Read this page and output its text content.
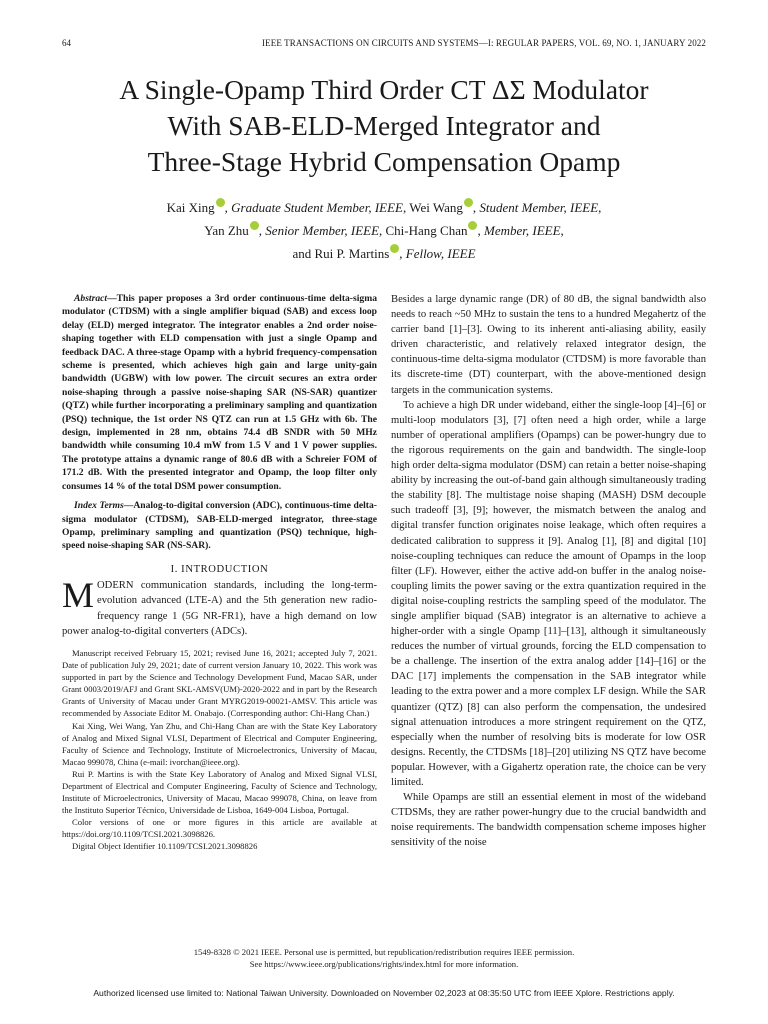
64	IEEE TRANSACTIONS ON CIRCUITS AND SYSTEMS—I: REGULAR PAPERS, VOL. 69, NO. 1, JANUARY 2022
A Single-Opamp Third Order CT ΔΣ Modulator
With SAB-ELD-Merged Integrator and
Three-Stage Hybrid Compensation Opamp
Kai Xing , Graduate Student Member, IEEE, Wei Wang , Student Member, IEEE,
Yan Zhu , Senior Member, IEEE, Chi-Hang Chan , Member, IEEE,
and Rui P. Martins , Fellow, IEEE

Abstract—This paper proposes a 3rd order continuous-time delta-sigma modulator (CTDSM) with a single amplifier biquad (SAB) and excess loop delay (ELD) merged integrator. The integrator enables a 2nd order noise-shaping together with ELD compensation with just a single Opamp and feedback DAC. A three-stage Opamp with a hybrid frequency-compensation scheme is presented, which achieves high gain and large unity-gain bandwidth (UGBW) with low power. The circuit secures an extra order noise-shaping through a passive noise-shaping SAR (NS-SAR) quantizer (QTZ) while further incorporating a preliminary sampling and quantization (PSQ) technique, the 1st order NS QTZ can run at 1.5 GHz with 6b. The design, implemented in 28 nm, obtains 74.4 dB SNDR with 50 MHz bandwidth while consuming 10.4 mW from 1.5 V and 1 V power supplies. The prototype attains a dynamic range of 80.6 dB with a Schreier FOM of 171.2 dB. With the presented integrator and Opamp, the loop filter only consumes 14 % of the total DSM power consumption.

Index Terms—Analog-to-digital conversion (ADC), continuous-time delta-sigma modulator (CTDSM), SAB-ELD-merged integrator, three-stage Opamp, preliminary sampling and quantization (PSQ) technique, high-speed noise-shaping SAR (NS-SAR).

I. INTRODUCTION

MODERN communication standards, including the long-term-evolution advanced (LTE-A) and the 5th generation new radio-frequency range 1 (5G NR-FR1), have a high demand on low power analog-to-digital converters (ADCs).

Manuscript received February 15, 2021; revised June 16, 2021; accepted July 7, 2021. Date of publication July 29, 2021; date of current version January 10, 2022. This work was supported in part by the Science and Technology Development Fund, Macao SAR, under Grant 0003/2019/AFJ and Grant SKL-AMSV(UM)-2020-2022 and in part by the Research Grants of University of Macau under Grant MYRG2019-00021-AMSV. This article was recommended by Associate Editor M. Onabajo. (Corresponding author: Chi-Hang Chan.)

Kai Xing, Wei Wang, Yan Zhu, and Chi-Hang Chan are with the State Key Laboratory of Analog and Mixed Signal VLSI, Department of Electrical and Computer Engineering, Faculty of Science and Technology, Institute of Microelectronics, University of Macau, Macao 999078, China (e-mail: ivorchan@ieee.org).

Rui P. Martins is with the State Key Laboratory of Analog and Mixed Signal VLSI, Department of Electrical and Computer Engineering, Faculty of Science and Technology, Institute of Microelectronics, University of Macau, Macao 999078, China, on leave from the Instituto Superior Técnico, Universidade de Lisboa, 1649-004 Lisboa, Portugal.

Color versions of one or more figures in this article are available at https://doi.org/10.1109/TCSI.2021.3098826.

Digital Object Identifier 10.1109/TCSI.2021.3098826

Besides a large dynamic range (DR) of 80 dB, the signal bandwidth also needs to reach ~50 MHz to sustain the tens to a hundred Megahertz of the carrier band [1]–[3]. Owing to its inherent anti-aliasing ability, easily driven characteristic, and relatively relaxed integrator design, the continuous-time delta-sigma modulator (CTDSM) is more favorable than its discrete-time (DT) counterpart, with the above-mentioned design targets in the communication systems.

To achieve a high DR under wideband, either the single-loop [4]–[6] or multi-loop modulators [3], [7] often need a high order, while a large number of operational amplifiers (Opamps) can be power-hungry due to the rigorous requirements on the gain and bandwidth. The single-loop high order delta-sigma modulator (DSM) can retain a better noise-shaping ability by increasing the out-of-band gain although simultaneously trading the stability [8]. The multistage noise shaping (MASH) DSM decouple such tradeoff [3], [9]; however, the mismatch between the analog and digital transfer function originates noise leakage, which often requires a dedicated calibration to suppress it [9]. Analog [1], [8] and digital [10] noise-coupling techniques can reduce the amount of Opamps in the loop filter (LF). However, either the active add-on buffer in the analog noise-coupling limits the power saving or the extra quantization required in the digital noise-coupling restricts the sampling speed of the modulator. The single amplifier biquad (SAB) integrator is an alternative to achieve a higher-order with a single Opamp [11]–[13], although it simultaneously reduces the number of virtual grounds, forcing the ELD compensation to be a challenge. The insertion of the extra analog adder [14]–[16] or the DAC [17] implements the compensation in the SAB integrator while leading to the extra power and a more complex LF design. While the SAR quantizer (QTZ) [8] can also perform the compensation, the undesired signal attenuation introduces a more stringent requirement on the QTZ, especially when the number of resolving bits is moderate for low OSR designs. Recently, the CTDSMs [18]–[20] utilizing NS QTZ have become popular. However, with a Gigahertz operation rate, the choice can be very limited.

While Opamps are still an essential element in most of the wideband CTDSMs, they are rather power-hungry due to the crucial bandwidth and noise requirements. The bandwidth compensation scheme imposes higher sensitivity of the noise

1549-8328 © 2021 IEEE. Personal use is permitted, but republication/redistribution requires IEEE permission.
See https://www.ieee.org/publications/rights/index.html for more information.
Authorized licensed use limited to: National Taiwan University. Downloaded on November 02,2023 at 08:35:50 UTC from IEEE Xplore. Restrictions apply.
